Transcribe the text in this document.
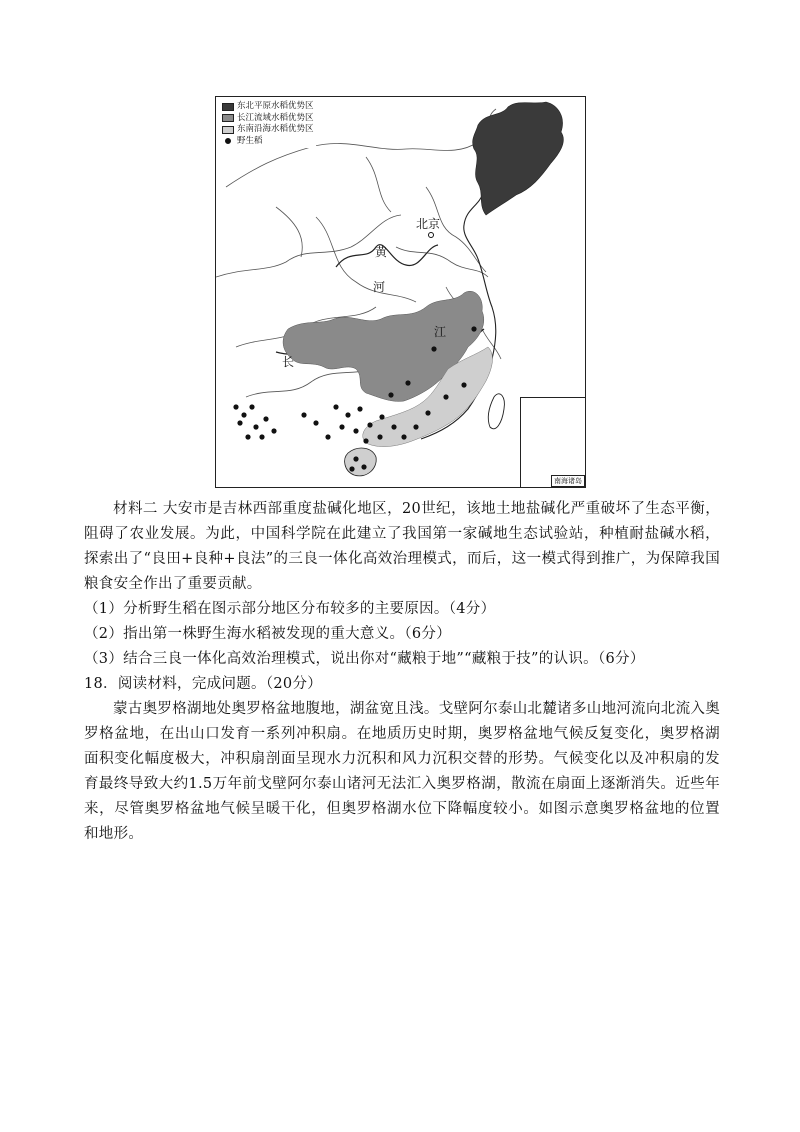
东北平原水稻优势区
长江流域水稻优势区
东南沿海水稻优势区
野生稻
北京
黄
河
长
江
南海诸岛

材料二 大安市是吉林西部重度盐碱化地区，20世纪，该地土地盐碱化严重破坏了生态平衡，阻碍了农业发展。为此，中国科学院在此建立了我国第一家碱地生态试验站，种植耐盐碱水稻，探索出了“良田+良种+良法”的三良一体化高效治理模式，而后，这一模式得到推广，为保障我国粮食安全作出了重要贡献。

（1）分析野生稻在图示部分地区分布较多的主要原因。（4分）

（2）指出第一株野生海水稻被发现的重大意义。（6分）

（3）结合三良一体化高效治理模式，说出你对“藏粮于地”“藏粮于技”的认识。（6分）

18．阅读材料，完成问题。（20分）

蒙古奥罗格湖地处奥罗格盆地腹地，湖盆宽且浅。戈壁阿尔泰山北麓诸多山地河流向北流入奥罗格盆地，在出山口发育一系列冲积扇。在地质历史时期，奥罗格盆地气候反复变化，奥罗格湖面积变化幅度极大，冲积扇剖面呈现水力沉积和风力沉积交替的形势。气候变化以及冲积扇的发育最终导致大约1.5万年前戈壁阿尔泰山诸河无法汇入奥罗格湖，散流在扇面上逐渐消失。近些年来，尽管奥罗格盆地气候呈暖干化，但奥罗格湖水位下降幅度较小。如图示意奥罗格盆地的位置和地形。
